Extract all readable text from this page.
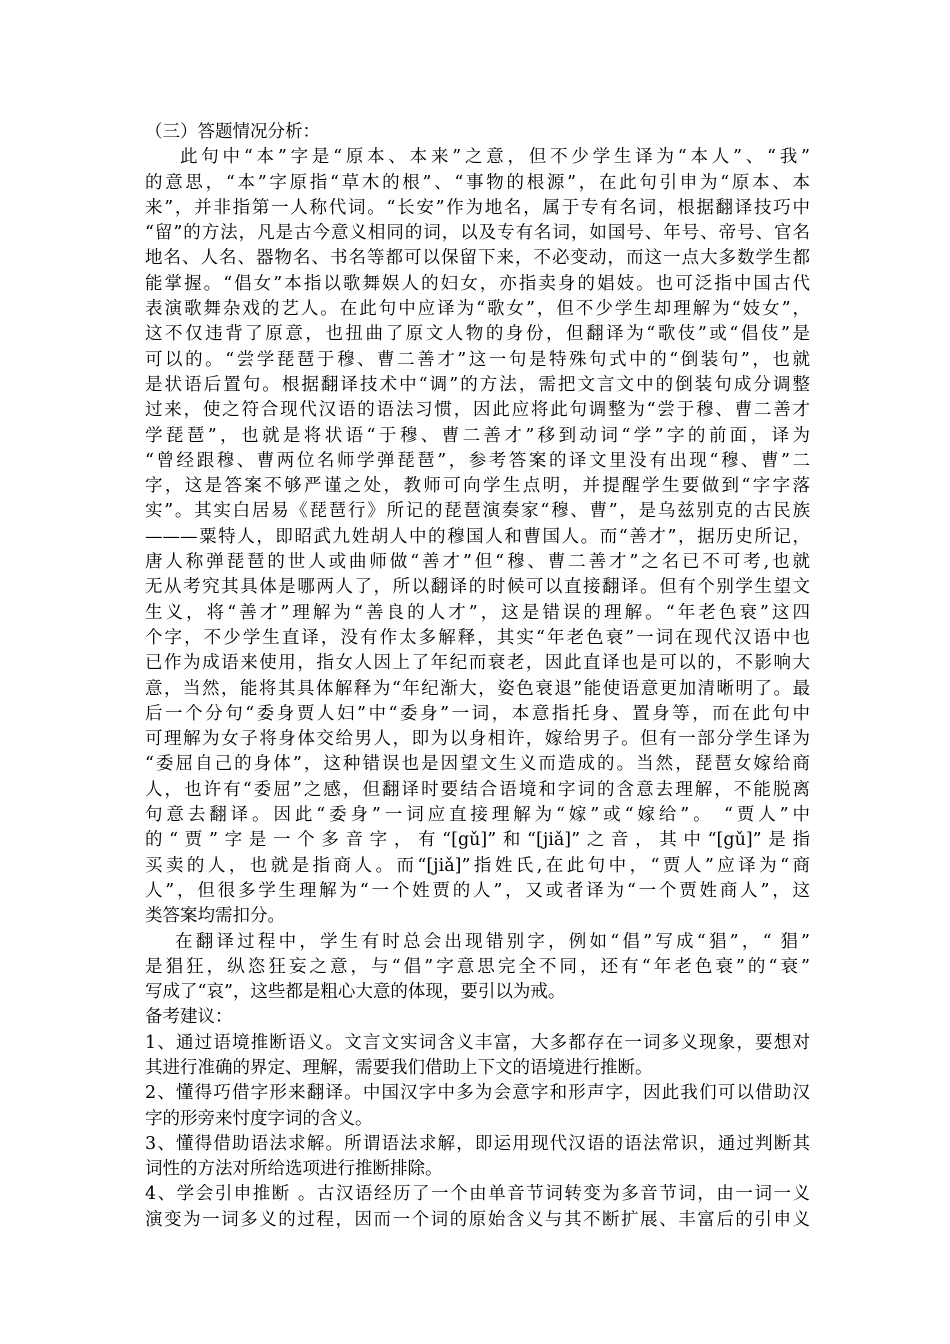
（三）答题情况分析：
此句中“本”字是“原本、本来”之意，但不少学生译为“本人”、“我”
的意思，“本”字原指“草木的根”、“事物的根源”，在此句引申为“原本、本
来”，并非指第一人称代词。“长安”作为地名，属于专有名词，根据翻译技巧中
“留”的方法，凡是古今意义相同的词，以及专有名词，如国号、年号、帝号、官名
地名、人名、器物名、书名等都可以保留下来，不必变动，而这一点大多数学生都
能掌握。“倡女”本指以歌舞娱人的妇女，亦指卖身的娼妓。也可泛指中国古代
表演歌舞杂戏的艺人。在此句中应译为“歌女”，但不少学生却理解为“妓女”，
这不仅违背了原意，也扭曲了原文人物的身份，但翻译为“歌伎”或“倡伎”是
可以的。“尝学琵琶于穆、曹二善才”这一句是特殊句式中的“倒装句”，也就
是状语后置句。根据翻译技术中“调”的方法，需把文言文中的倒装句成分调整
过来，使之符合现代汉语的语法习惯，因此应将此句调整为“尝于穆、曹二善才
学琵琶”，也就是将状语“于穆、曹二善才”移到动词“学”字的前面，译为
“曾经跟穆、曹两位名师学弹琵琶”，参考答案的译文里没有出现“穆、曹”二
字，这是答案不够严谨之处，教师可向学生点明，并提醒学生要做到“字字落
实”。其实白居易《琵琶行》所记的琵琶演奏家“穆、曹”，是乌兹别克的古民族
———粟特人，即昭武九姓胡人中的穆国人和曹国人。而“善才”，据历史所记，
唐人称弹琵琶的世人或曲师做“善才”但“穆、曹二善才”之名已不可考,也就
无从考究其具体是哪两人了，所以翻译的时候可以直接翻译。但有个别学生望文
生义，将“善才”理解为“善良的人才”，这是错误的理解。“年老色衰”这四
个字，不少学生直译，没有作太多解释，其实“年老色衰”一词在现代汉语中也
已作为成语来使用，指女人因上了年纪而衰老，因此直译也是可以的，不影响大
意，当然，能将其具体解释为“年纪渐大，姿色衰退”能使语意更加清晰明了。最
后一个分句“委身贾人妇”中“委身”一词，本意指托身、置身等，而在此句中
可理解为女子将身体交给男人，即为以身相许，嫁给男子。但有一部分学生译为
“委屈自己的身体”，这种错误也是因望文生义而造成的。当然，琵琶女嫁给商
人，也许有“委屈”之感，但翻译时要结合语境和字词的含意去理解，不能脱离
句意去翻译。因此“委身”一词应直接理解为“嫁”或“嫁给”。 “贾人”中
的“贾”字是一个多音字，有“[gǔ]”和“[jiǎ]”之音，其中“[gǔ]”是指
买卖的人，也就是指商人。而“[jiǎ]”指姓氏,在此句中，“贾人”应译为“商
人”，但很多学生理解为“一个姓贾的人”，又或者译为“一个贾姓商人”，这
类答案均需扣分。
在翻译过程中，学生有时总会出现错别字，例如“倡”写成“猖”，“ 猖”
是猖狂，纵恣狂妄之意，与“倡”字意思完全不同，还有“年老色衰”的“衰”
写成了“哀”，这些都是粗心大意的体现，要引以为戒。
备考建议：
1、通过语境推断语义。文言文实词含义丰富，大多都存在一词多义现象，要想对
其进行准确的界定、理解，需要我们借助上下文的语境进行推断。
2、懂得巧借字形来翻译。中国汉字中多为会意字和形声字，因此我们可以借助汉
字的形旁来忖度字词的含义。
3、懂得借助语法求解。所谓语法求解，即运用现代汉语的语法常识，通过判断其
词性的方法对所给选项进行推断排除。
4、学会引申推断 。古汉语经历了一个由单音节词转变为多音节词，由一词一义
演变为一词多义的过程，因而一个词的原始含义与其不断扩展、丰富后的引申义
